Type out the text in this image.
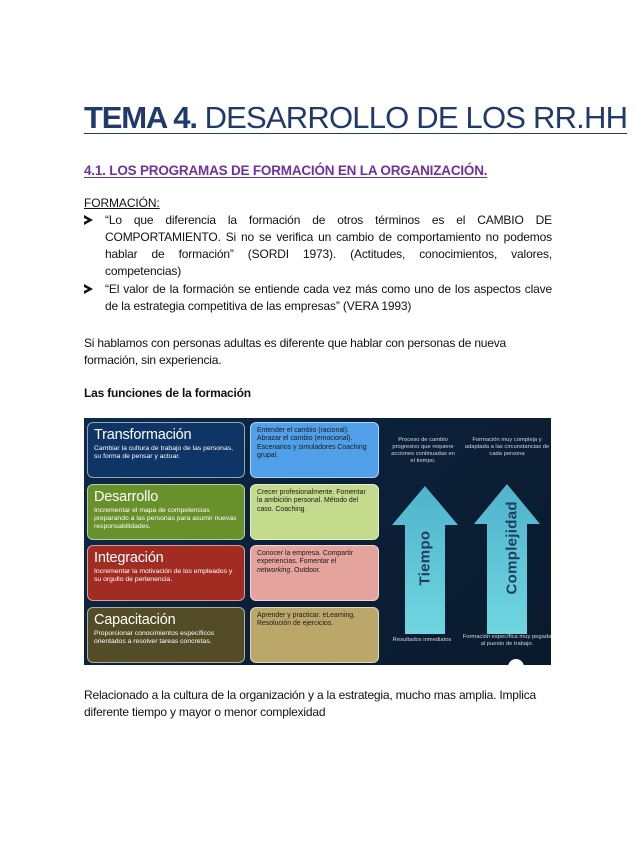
TEMA 4. DESARROLLO DE LOS RR.HH
4.1. LOS PROGRAMAS DE FORMACIÓN EN LA ORGANIZACIÓN.
FORMACIÓN:
“Lo que diferencia la formación de otros términos es el CAMBIO DE COMPORTAMIENTO. Si no se verifica un cambio de comportamiento no podemos hablar de formación” (SORDI 1973). (Actitudes, conocimientos, valores, competencias)
“El valor de la formación se entiende cada vez más como uno de los aspectos clave de la estrategia competitiva de las empresas” (VERA 1993)
Si hablamos con personas adultas es diferente que hablar con personas de nueva formación, sin experiencia.
Las funciones de la formación
Transformación
Cambiar la cultura de trabajo de las personas, su forma de pensar y actuar.
Entender el cambio (racional). Abrazar el cambio (emocional). Escenarios y simuladores Coaching grupal.
Desarrollo
Incrementar el mapa de competencias preparando a las personas para asumir nuevas responsabilidades.
Crecer profesionalmente. Fomentar la ambición personal. Método del caso. Coaching.
Integración
Incrementar la motivación de los empleados y su orgullo de pertenencia.
Conocer la empresa. Compartir experiencias. Fomentar el networking. Outdoor.
Capacitación
Proporcionar conocimientos específicos orientados a resolver tareas concretas.
Aprender y practicar. eLearning. Resolución de ejercicios.
Proceso de cambio progresivo que requiere acciones continuadas en el tiempo.
Formación muy compleja y adaptada a las circunstancias de cada persona
Resultados inmediatos	Formación específica muy pegada al puesto de trabajo.
Tiempo	Complejidad
Relacionado a la cultura de la organización y a la estrategia, mucho mas amplia. Implica diferente tiempo y mayor o menor complexidad
